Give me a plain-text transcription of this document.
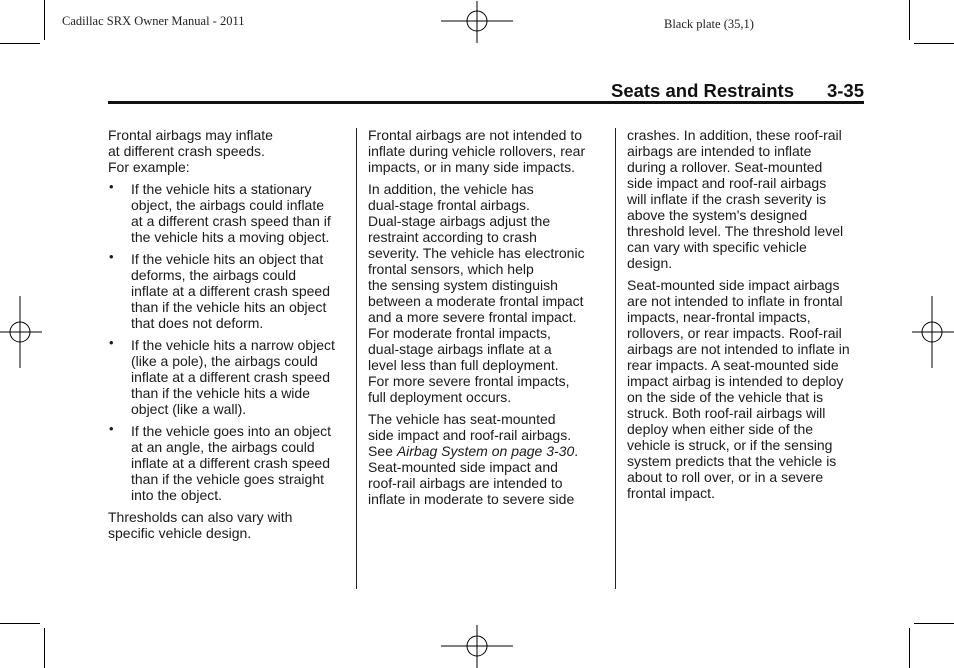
Cadillac SRX Owner Manual - 2011	Black plate (35,1)
Seats and Restraints 3-35

Frontal airbags may inflate
at different crash speeds.
For example:

• If the vehicle hits a stationary
object, the airbags could inflate
at a different crash speed than if
the vehicle hits a moving object.
• If the vehicle hits an object that
deforms, the airbags could
inflate at a different crash speed
than if the vehicle hits an object
that does not deform.
• If the vehicle hits a narrow object
(like a pole), the airbags could
inflate at a different crash speed
than if the vehicle hits a wide
object (like a wall).
• If the vehicle goes into an object
at an angle, the airbags could
inflate at a different crash speed
than if the vehicle goes straight
into the object.

Thresholds can also vary with
specific vehicle design.

Frontal airbags are not intended to
inflate during vehicle rollovers, rear
impacts, or in many side impacts.

In addition, the vehicle has
dual-stage frontal airbags.
Dual-stage airbags adjust the
restraint according to crash
severity. The vehicle has electronic
frontal sensors, which help
the sensing system distinguish
between a moderate frontal impact
and a more severe frontal impact.
For moderate frontal impacts,
dual-stage airbags inflate at a
level less than full deployment.
For more severe frontal impacts,
full deployment occurs.

The vehicle has seat-mounted
side impact and roof-rail airbags.
See Airbag System on page 3-30.
Seat-mounted side impact and
roof-rail airbags are intended to
inflate in moderate to severe side

crashes. In addition, these roof-rail
airbags are intended to inflate
during a rollover. Seat-mounted
side impact and roof-rail airbags
will inflate if the crash severity is
above the system's designed
threshold level. The threshold level
can vary with specific vehicle
design.

Seat-mounted side impact airbags
are not intended to inflate in frontal
impacts, near-frontal impacts,
rollovers, or rear impacts. Roof-rail
airbags are not intended to inflate in
rear impacts. A seat-mounted side
impact airbag is intended to deploy
on the side of the vehicle that is
struck. Both roof-rail airbags will
deploy when either side of the
vehicle is struck, or if the sensing
system predicts that the vehicle is
about to roll over, or in a severe
frontal impact.
